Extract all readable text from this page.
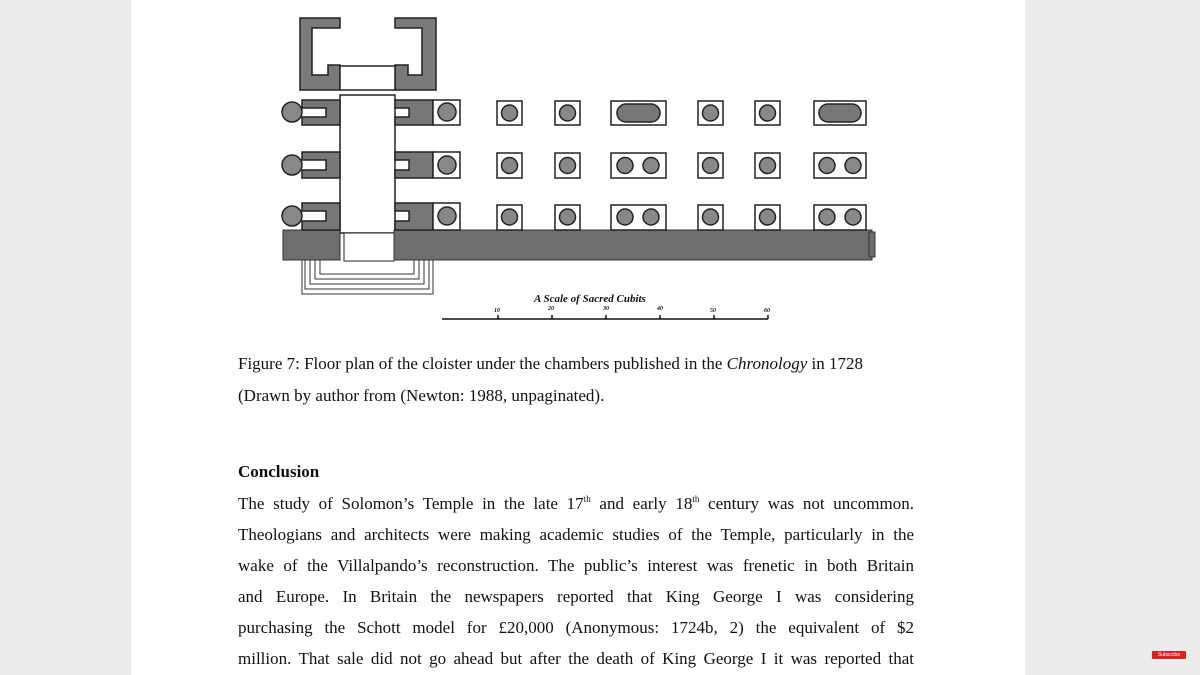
A Scale of Sacred Cubits
10	20	30	40	50	60
Figure 7: Floor plan of the cloister under the chambers published in the Chronology in 1728
(Drawn by author from (Newton: 1988, unpaginated).
Conclusion
The study of Solomon’s Temple in the late 17th and early 18th century was not uncommon.
Theologians and architects were making academic studies of the Temple, particularly in the
wake of the Villalpando’s reconstruction. The public’s interest was frenetic in both Britain
and Europe. In Britain the newspapers reported that King George I was considering
purchasing the Schott model for £20,000 (Anonymous: 1724b, 2) the equivalent of $2
million. That sale did not go ahead but after the death of King George I it was reported that	Subscribe
